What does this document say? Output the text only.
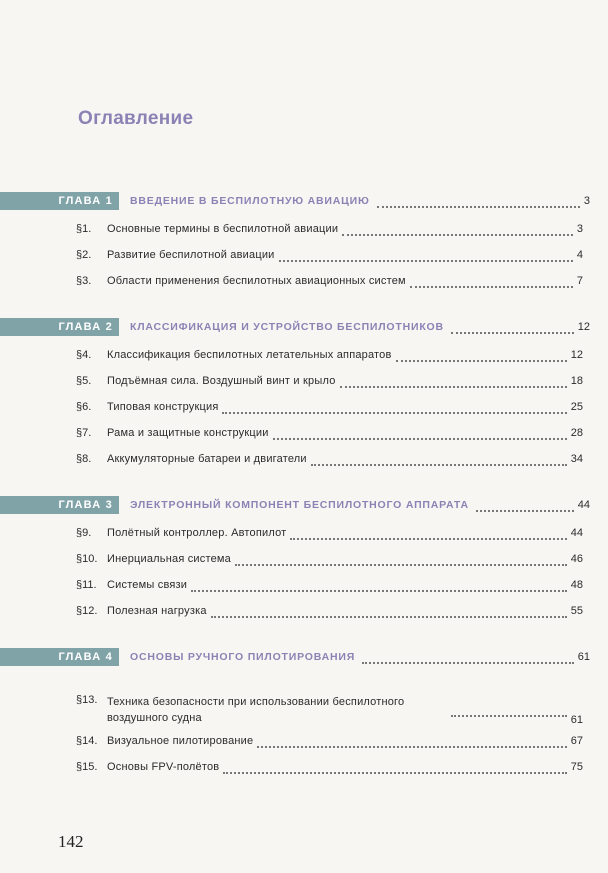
Оглавление
ГЛАВА 1	ВВЕДЕНИЕ В БЕСПИЛОТНУЮ АВИАЦИЮ	3
§1. Основные термины в беспилотной авиации	3
§2. Развитие беспилотной авиации	4
§3. Области применения беспилотных авиационных систем	7
ГЛАВА 2	КЛАССИФИКАЦИЯ И УСТРОЙСТВО БЕСПИЛОТНИКОВ	12
§4. Классификация беспилотных летательных аппаратов	12
§5. Подъёмная сила. Воздушный винт и крыло	18
§6. Типовая конструкция	25
§7. Рама и защитные конструкции	28
§8. Аккумуляторные батареи и двигатели	34
ГЛАВА 3	ЭЛЕКТРОННЫЙ КОМПОНЕНТ БЕСПИЛОТНОГО АППАРАТА	44
§9. Полётный контроллер. Автопилот	44
§10. Инерциальная система	46
§11. Системы связи	48
§12. Полезная нагрузка	55
ГЛАВА 4	ОСНОВЫ РУЧНОГО ПИЛОТИРОВАНИЯ	61
§13. Техника безопасности при использовании беспилотного воздушного судна	61
§14. Визуальное пилотирование	67
§15. Основы FPV-полётов	75
142
